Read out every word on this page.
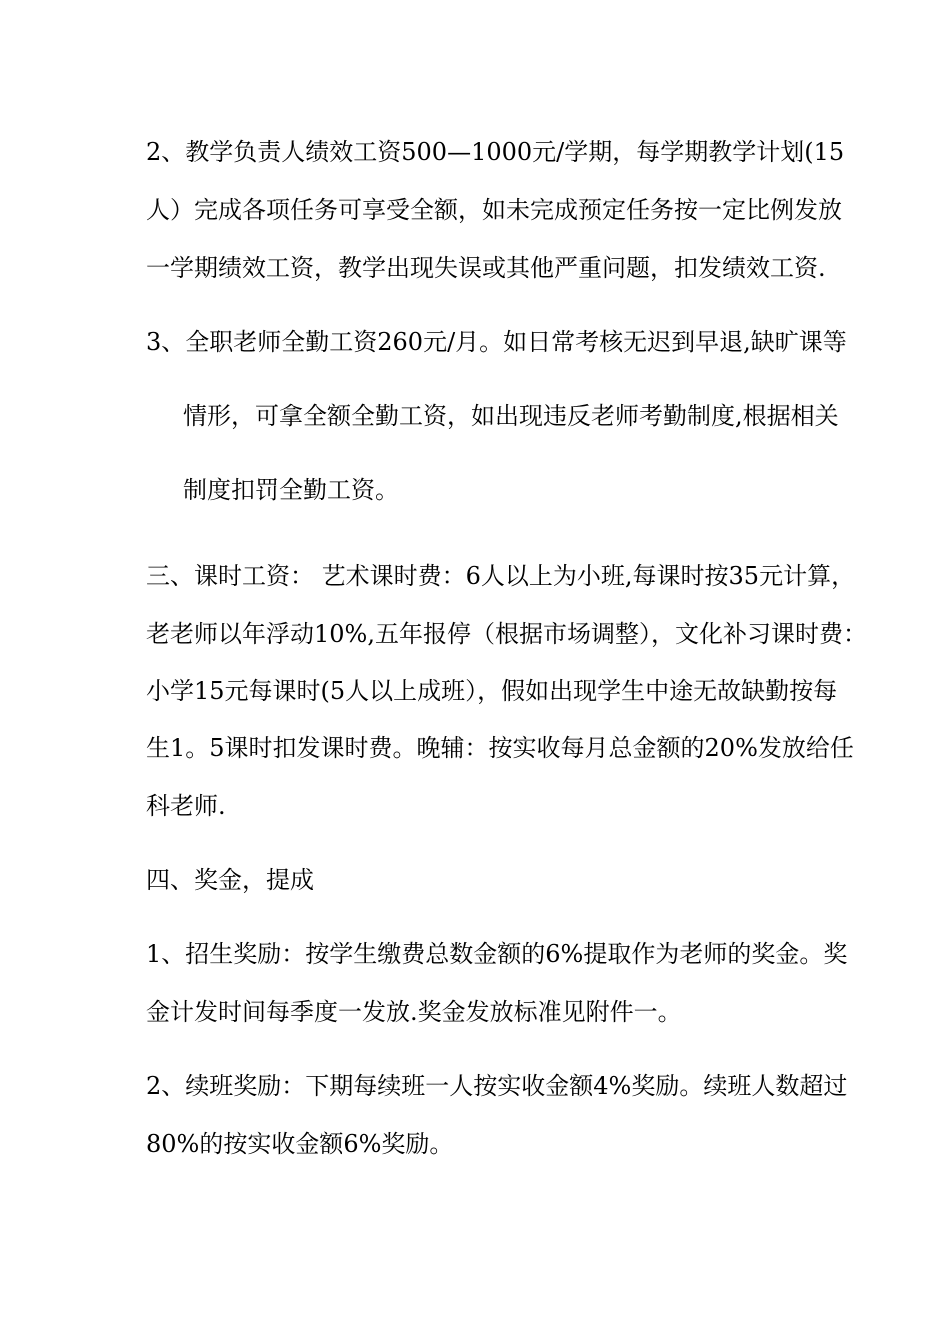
2、教学负责人绩效工资500—1000元/学期，每学期教学计划(15
人）完成各项任务可享受全额，如未完成预定任务按一定比例发放
一学期绩效工资，教学出现失误或其他严重问题，扣发绩效工资.
3、全职老师全勤工资260元/月。如日常考核无迟到早退,缺旷课等
情形，可拿全额全勤工资，如出现违反老师考勤制度,根据相关
制度扣罚全勤工资。
三、课时工资： 艺术课时费：6人以上为小班,每课时按35元计算，
老老师以年浮动10%,五年报停（根据市场调整），文化补习课时费：
小学15元每课时(5人以上成班），假如出现学生中途无故缺勤按每
生1。5课时扣发课时费。晚辅：按实收每月总金额的20%发放给任
科老师.
四、奖金，提成
1、招生奖励：按学生缴费总数金额的6%提取作为老师的奖金。奖
金计发时间每季度一发放.奖金发放标准见附件一。
2、续班奖励：下期每续班一人按实收金额4%奖励。续班人数超过
80%的按实收金额6%奖励。
